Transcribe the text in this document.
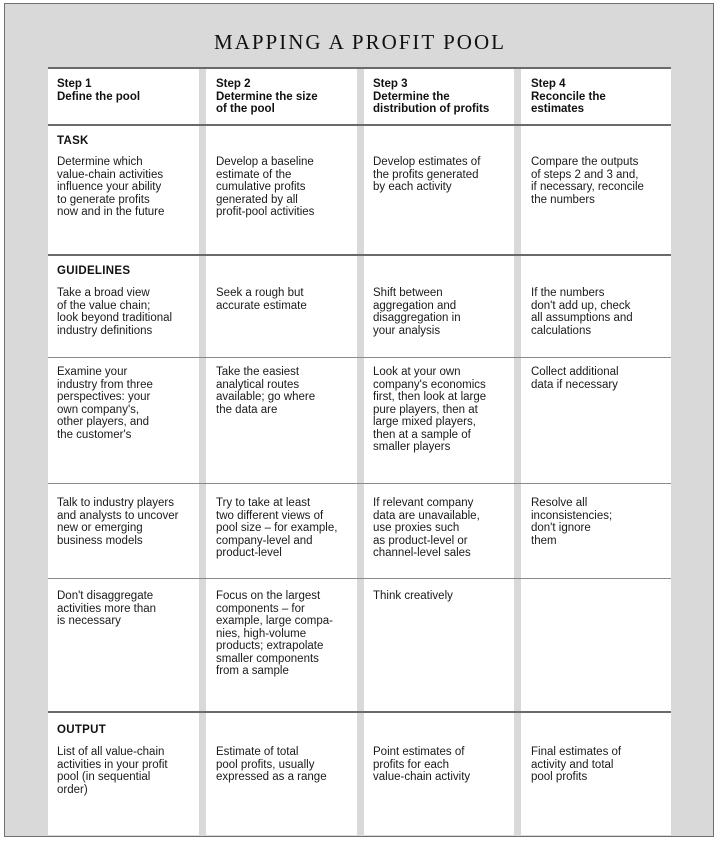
MAPPING A PROFIT POOL
Step 1
Define the pool
Step 2
Determine the size
of the pool
Step 3
Determine the
distribution of profits
Step 4
Reconcile the
estimates
TASK
Determine which
value-chain activities
influence your ability
to generate profits
now and in the future
Develop a baseline
estimate of the
cumulative profits
generated by all
profit-pool activities
Develop estimates of
the profits generated
by each activity
Compare the outputs
of steps 2 and 3 and,
if necessary, reconcile
the numbers
GUIDELINES
Take a broad view
of the value chain;
look beyond traditional
industry definitions
Seek a rough but
accurate estimate
Shift between
aggregation and
disaggregation in
your analysis
If the numbers
don't add up, check
all assumptions and
calculations
Examine your
industry from three
perspectives: your
own company's,
other players, and
the customer's
Take the easiest
analytical routes
available; go where
the data are
Look at your own
company's economics
first, then look at large
pure players, then at
large mixed players,
then at a sample of
smaller players
Collect additional
data if necessary
Talk to industry players
and analysts to uncover
new or emerging
business models
Try to take at least
two different views of
pool size – for example,
company-level and
product-level
If relevant company
data are unavailable,
use proxies such
as product-level or
channel-level sales
Resolve all
inconsistencies;
don't ignore
them
Don't disaggregate
activities more than
is necessary
Focus on the largest
components – for
example, large compa-
nies, high-volume
products; extrapolate
smaller components
from a sample
Think creatively
OUTPUT
List of all value-chain
activities in your profit
pool (in sequential
order)
Estimate of total
pool profits, usually
expressed as a range
Point estimates of
profits for each
value-chain activity
Final estimates of
activity and total
pool profits
